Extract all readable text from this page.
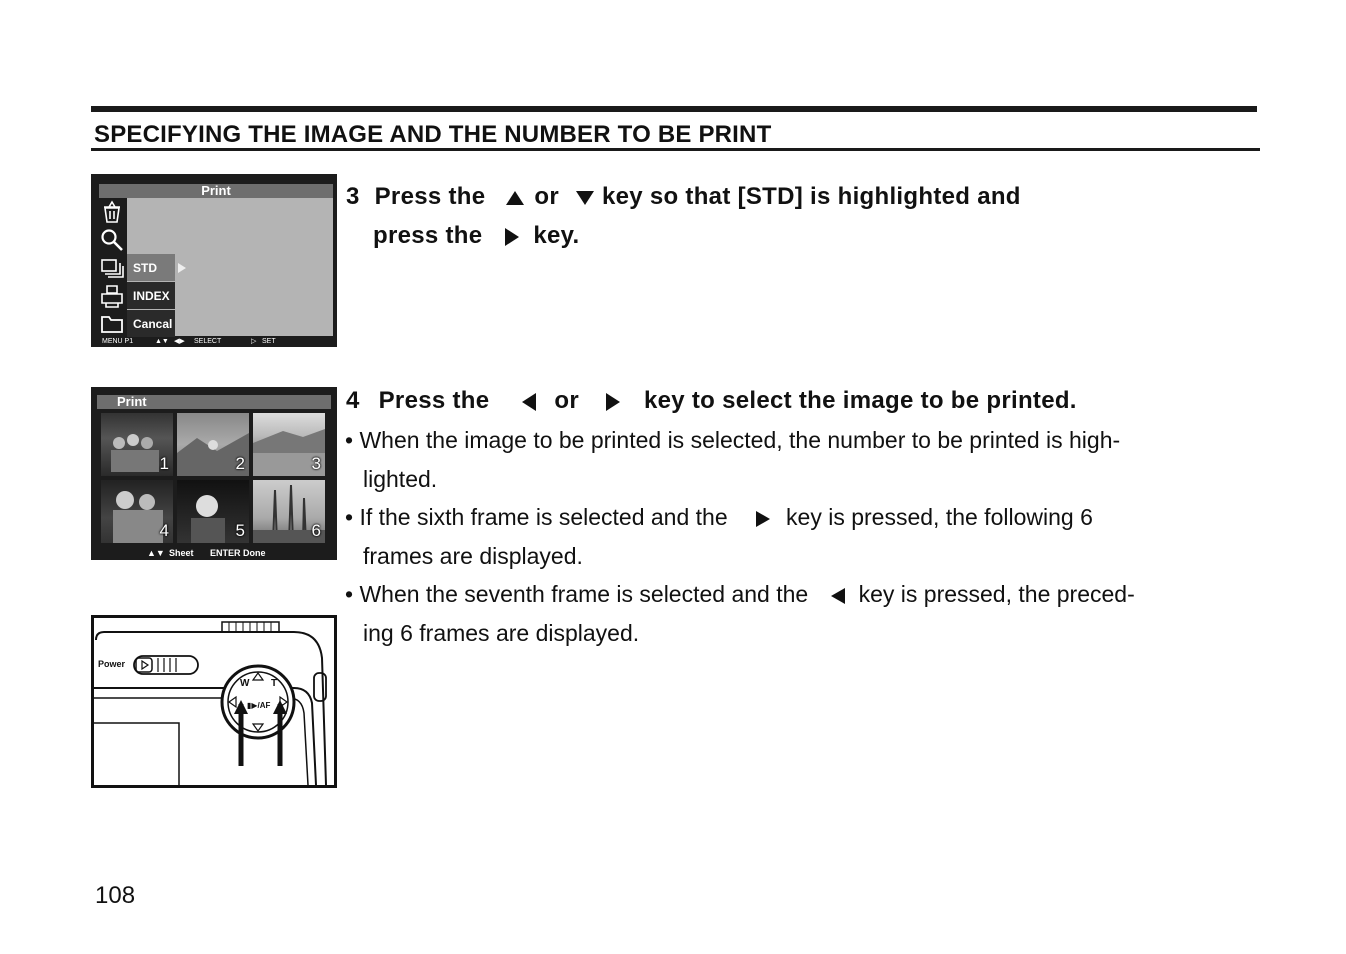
SPECIFYING THE IMAGE AND THE NUMBER TO BE PRINT
Print
STD
INDEX
Cancal
MENU P1	▲▼ ◀▶ SELECT	▷ SET
Print
1	2	3
4	5	6
▲▼ Sheet ENTER Done
Power
W T
▮▶/AF
3 Press the or key so that [STD] is highlighted and
press the key.
4 Press the	or	key to select the image to be printed.
• When the image to be printed is selected, the number to be printed is high-
lighted.
• If the sixth frame is selected and the	key is pressed, the following 6
frames are displayed.
• When the seventh frame is selected and the key is pressed, the preced-
ing 6 frames are displayed.
108
